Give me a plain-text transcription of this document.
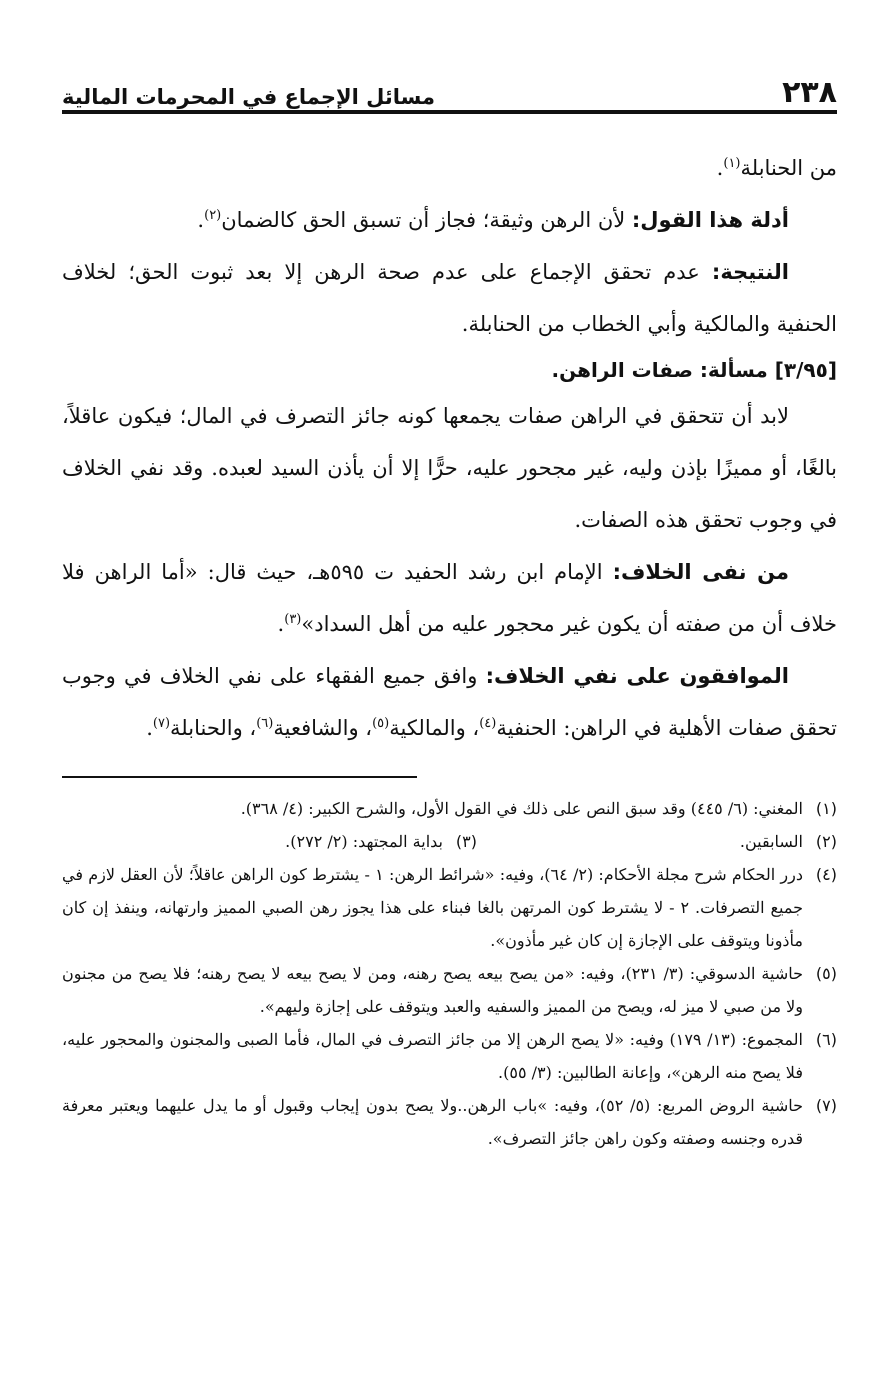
٢٣٨
مسائل الإجماع في المحرمات المالية

من الحنابلة$^{(١)}$.

أدلة هذا القول: لأن الرهن وثيقة؛ فجاز أن تسبق الحق كالضمان$^{(٢)}$.

النتيجة: عدم تحقق الإجماع على عدم صحة الرهن إلا بعد ثبوت الحق؛ لخلاف الحنفية والمالكية وأبي الخطاب من الحنابلة.

[٣/٩٥] مسألة: صفات الراهن.

لابد أن تتحقق في الراهن صفات يجمعها كونه جائز التصرف في المال؛ فيكون عاقلاً، بالغًا، أو مميزًا بإذن وليه، غير مجحور عليه، حرًّا إلا أن يأذن السيد لعبده. وقد نفي الخلاف في وجوب تحقق هذه الصفات.

من نفى الخلاف: الإمام ابن رشد الحفيد ت ٥٩٥هـ، حيث قال: «أما الراهن فلا خلاف أن من صفته أن يكون غير محجور عليه من أهل السداد»$^{(٣)}$.

الموافقون على نفي الخلاف: وافق جميع الفقهاء على نفي الخلاف في وجوب تحقق صفات الأهلية في الراهن: الحنفية$^{(٤)}$، والمالكية$^{(٥)}$، والشافعية$^{(٦)}$، والحنابلة$^{(٧)}$.

(١)
المغني: (٦/ ٤٤٥) وقد سبق النص على ذلك في القول الأول، والشرح الكبير: (٤/ ٣٦٨).
(٢)
السابقين.
(٣)
بداية المجتهد: (٢/ ٢٧٢).
(٤)
درر الحكام شرح مجلة الأحكام: (٢/ ٦٤)، وفيه: «شرائط الرهن: ١ - يشترط كون الراهن عاقلاً؛ لأن العقل لازم في جميع التصرفات. ٢ - لا يشترط كون المرتهن بالغا فبناء على هذا يجوز رهن الصبي المميز وارتهانه، وينفذ إن كان مأذونا ويتوقف على الإجازة إن كان غير مأذون».
(٥)
حاشية الدسوقي: (٣/ ٢٣١)، وفيه: «من يصح بيعه يصح رهنه، ومن لا يصح بيعه لا يصح رهنه؛ فلا يصح من مجنون ولا من صبي لا ميز له، ويصح من المميز والسفيه والعبد ويتوقف على إجازة وليهم».
(٦)
المجموع: (١٣/ ١٧٩) وفيه: «لا يصح الرهن إلا من جائز التصرف في المال، فأما الصبى والمجنون والمحجور عليه، فلا يصح منه الرهن»، وإعانة الطالبين: (٣/ ٥٥).
(٧)
حاشية الروض المربع: (٥/ ٥٢)، وفيه: »باب الرهن..ولا يصح بدون إيجاب وقبول أو ما يدل عليهما ويعتبر معرفة قدره وجنسه وصفته وكون راهن جائز التصرف».
